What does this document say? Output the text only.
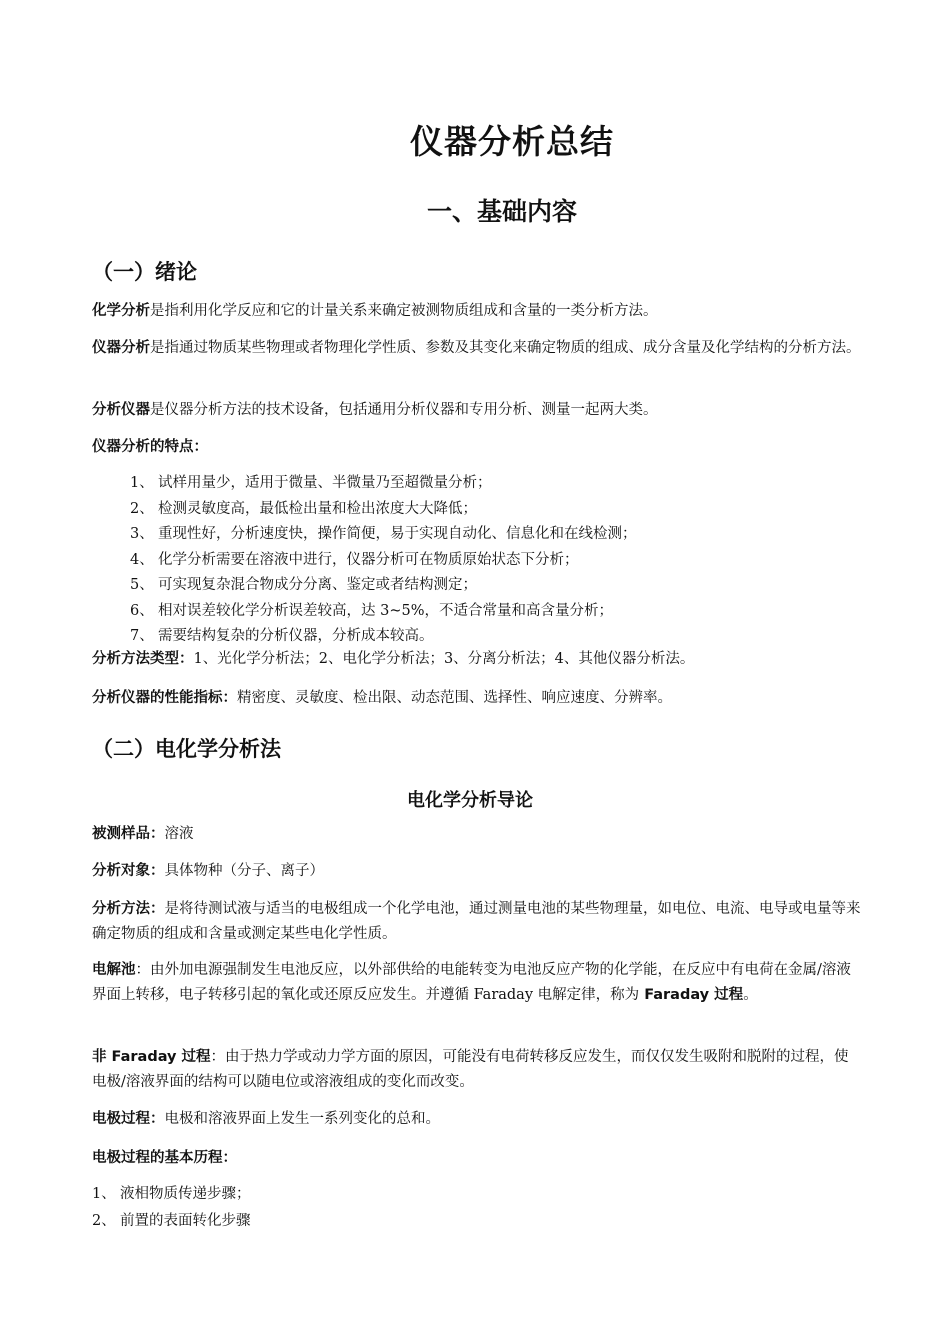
仪器分析总结
一、基础内容
（一）绪论
化学分析是指利用化学反应和它的计量关系来确定被测物质组成和含量的一类分析方法。
仪器分析是指通过物质某些物理或者物理化学性质、参数及其变化来确定物质的组成、成分含量及化学结构的分析方法。
分析仪器是仪器分析方法的技术设备，包括通用分析仪器和专用分析、测量一起两大类。
仪器分析的特点：
1、 试样用量少，适用于微量、半微量乃至超微量分析；
2、 检测灵敏度高，最低检出量和检出浓度大大降低；
3、 重现性好，分析速度快，操作简便，易于实现自动化、信息化和在线检测；
4、 化学分析需要在溶液中进行，仪器分析可在物质原始状态下分析；
5、 可实现复杂混合物成分分离、鉴定或者结构测定；
6、 相对误差较化学分析误差较高，达 3~5%，不适合常量和高含量分析；
7、 需要结构复杂的分析仪器，分析成本较高。
分析方法类型：1、光化学分析法；2、电化学分析法；3、分离分析法；4、其他仪器分析法。
分析仪器的性能指标：精密度、灵敏度、检出限、动态范围、选择性、响应速度、分辨率。
（二）电化学分析法
电化学分析导论
被测样品：溶液
分析对象：具体物种（分子、离子）
分析方法：是将待测试液与适当的电极组成一个化学电池，通过测量电池的某些物理量，如电位、电流、电导或电量等来确定物质的组成和含量或测定某些电化学性质。
电解池：由外加电源强制发生电池反应，以外部供给的电能转变为电池反应产物的化学能，在反应中有电荷在金属/溶液界面上转移，电子转移引起的氧化或还原反应发生。并遵循 Faraday 电解定律，称为 Faraday 过程。
非 Faraday 过程：由于热力学或动力学方面的原因，可能没有电荷转移反应发生，而仅仅发生吸附和脱附的过程，使电极/溶液界面的结构可以随电位或溶液组成的变化而改变。
电极过程：电极和溶液界面上发生一系列变化的总和。
电极过程的基本历程：
1、 液相物质传递步骤；
2、 前置的表面转化步骤
